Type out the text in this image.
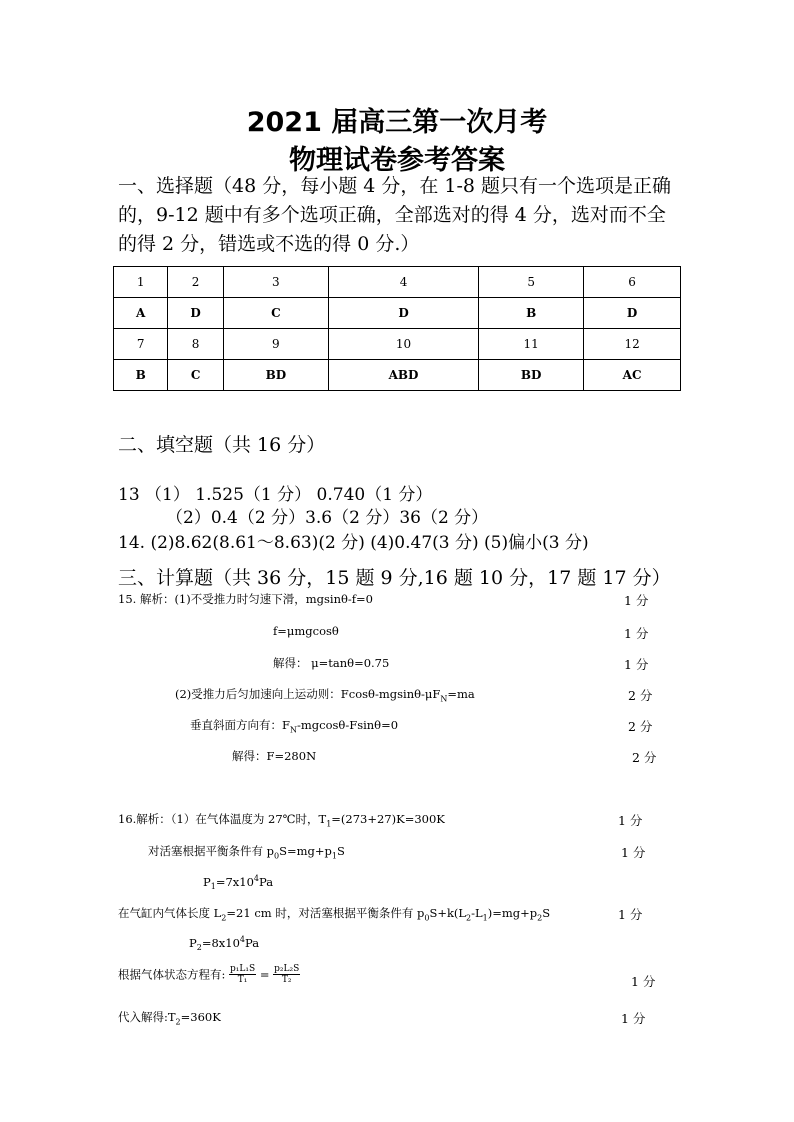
2021 届高三第一次月考
物理试卷参考答案
一、选择题（48 分，每小题 4 分，在 1-8 题只有一个选项是正确的，9-12 题中有多个选项正确，全部选对的得 4 分，选对而不全的得 2 分，错选或不选的得 0 分.）
1	2	3	4	5	6
A	D	C	D	B	D
7	8	9	10	11	12
B	C	BD	ABD	BD	AC
二、填空题（共 16 分）
13 （1） 1.525（1 分） 0.740（1 分）
（2）0.4（2 分）3.6（2 分）36（2 分）
14. (2)8.62(8.61～8.63)(2 分) (4)0.47(3 分) (5)偏小(3 分)
三、计算题（共 36 分，15 题 9 分,16 题 10 分，17 题 17 分）
15. 解析：(1)不受推力时匀速下滑，mgsinθ-f=0	1 分
f=μmgcosθ	1 分
解得： μ=tanθ=0.75	1 分
(2)受推力后匀加速向上运动则：Fcosθ-$mgsin\theta-\mu F_N=ma$	2 分
垂直斜面方向有：$F_N-mgcos\theta-Fsin\theta=0$	2 分
解得：F=280N	2 分
16.解析：（1）在气体温度为 27℃时，$T_1=(273+27)K=300K$	1 分
对活塞根据平衡条件有 $p_0S=mg+p_1S$	1 分
$P_1=7x10^4Pa$
在气缸内气体长度 $L_2=21$ cm 时，对活塞根据平衡条件有 $p_0S+k(L_2-L_1)=mg+p_2S$	1 分
$P_2=8x10^4Pa$
根据气体状态方程有: $\frac{\text{p₁L₁S}}{\text{T₁}} = \frac{\text{p₂L₂S}}{\text{T₂}}$	1 分
代入解得$:T_2=360K$	1 分
